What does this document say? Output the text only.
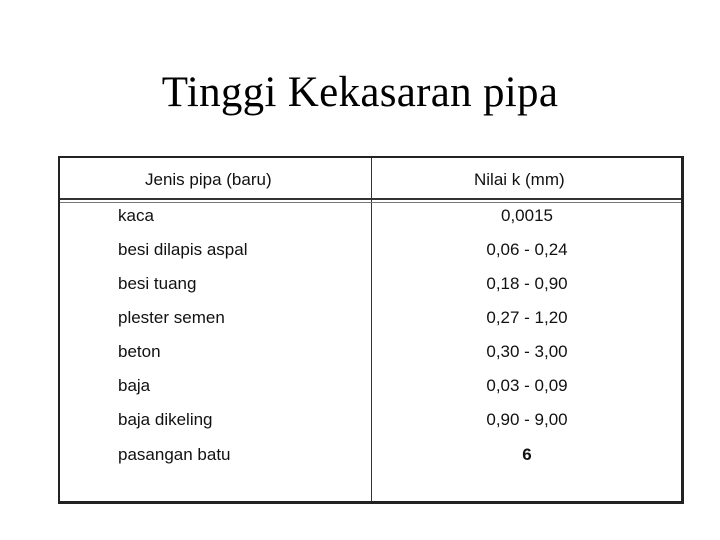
Tinggi Kekasaran pipa
Jenis pipa (baru)	Nilai k (mm)
kaca	0,0015
besi dilapis aspal	0,06 - 0,24
besi tuang	0,18 - 0,90
plester semen	0,27 - 1,20
beton	0,30 - 3,00
baja	0,03 - 0,09
baja dikeling	0,90 - 9,00
pasangan batu	6
